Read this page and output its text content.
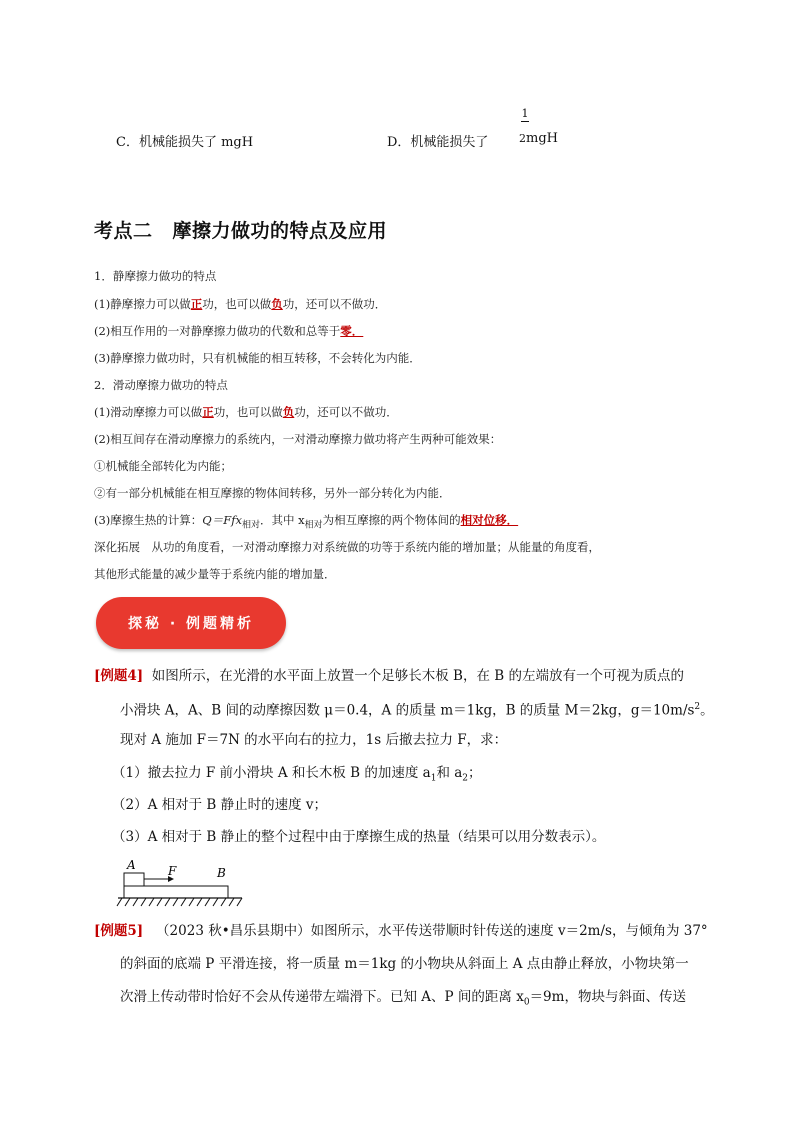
C．机械能损失了 mgH	D．机械能损失了
1
2mgH
考点二 摩擦力做功的特点及应用
1．静摩擦力做功的特点
(1)静摩擦力可以做正功，也可以做负功，还可以不做功．
(2)相互作用的一对静摩擦力做功的代数和总等于零．
(3)静摩擦力做功时，只有机械能的相互转移，不会转化为内能．
2．滑动摩擦力做功的特点
(1)滑动摩擦力可以做正功，也可以做负功，还可以不做功．
(2)相互间存在滑动摩擦力的系统内，一对滑动摩擦力做功将产生两种可能效果：
①机械能全部转化为内能；
②有一部分机械能在相互摩擦的物体间转移，另外一部分转化为内能．
(3)摩擦生热的计算：Q＝Ffx$_{相对}$．其中 $x_{相对}$为相互摩擦的两个物体间的相对位移．
深化拓展　从功的角度看，一对滑动摩擦力对系统做的功等于系统内能的增加量；从能量的角度看，
其他形式能量的减少量等于系统内能的增加量．
探秘 · 例题精析
[例题4] 如图所示，在光滑的水平面上放置一个足够长木板 B，在 B 的左端放有一个可视为质点的
小滑块 A，A、B 间的动摩擦因数 μ＝0.4，A 的质量 m＝1kg，B 的质量 M＝2kg，$g=10m/s^2$。
现对 A 施加 F＝7N 的水平向右的拉力，1s 后撤去拉力 F，求：
（1）撤去拉力 F 前小滑块 A 和长木板 B 的加速度 $a_1$和 $a_2$；
（2）A 相对于 B 静止时的速度 v；
（3）A 相对于 B 静止的整个过程中由于摩擦生成的热量（结果可以用分数表示）。
A	F	B
[例题5] （2023 秋•昌乐县期中）如图所示，水平传送带顺时针传送的速度 v＝2m/s，与倾角为 37°
的斜面的底端 P 平滑连接，将一质量 m＝1kg 的小物块从斜面上 A 点由静止释放，小物块第一
次滑上传动带时恰好不会从传递带左端滑下。已知 A、P 间的距离 $x_0=9m$，物块与斜面、传送
